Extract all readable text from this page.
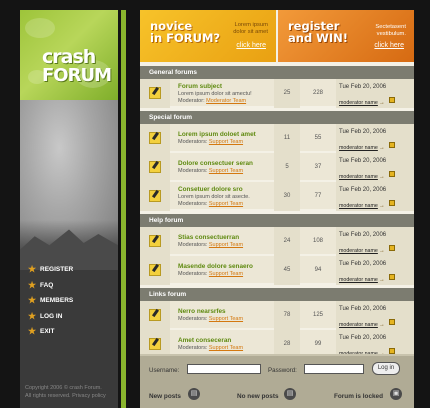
crash
FORUM
★ REGISTER
★ FAQ
★ MEMBERS
★ LOG IN
★ EXIT
Copyright 2006 © crash Forum.
All rights reserved. Privacy policy
novice
in FORUM?
Lorem ipsum
dolor sit amet
click here
register
and WIN!
Sectetasent
vestibulum.
click here
General forums
Forum subject
Lorem ipsum dolor sit amectu!
Moderator: Moderator Team
25	228
Tue Feb 20, 2006
moderator name→
Special forum
Lorem ipsum doloеt amet
Moderators: Support Team
11	55
Tue Feb 20, 2006
moderator name→
Dolore consectuer seran
Moderators: Support Team
5	37
Tue Feb 20, 2006
moderator name→
Consetuer dolore sro
Lorem ipsum dolor sit asecte.
Moderators: Support Team
30	77
Tue Feb 20, 2006
moderator name→
Help forum
Stias consectuerran
Moderators: Support Team
24	108
Tue Feb 20, 2006
moderator name→
Masende dolore senaero
Moderators: Support Team
45	94
Tue Feb 20, 2006
moderator name→
Links forum
Nerro nearsrfes
Moderators: Support Team
78	125
Tue Feb 20, 2006
moderator name→
Amet conseceran
Moderators: Support Team
28	99
Tue Feb 20, 2006

Username:	Password:	Log in
New posts	▤	No new posts	▤	Forum is locked	▣
